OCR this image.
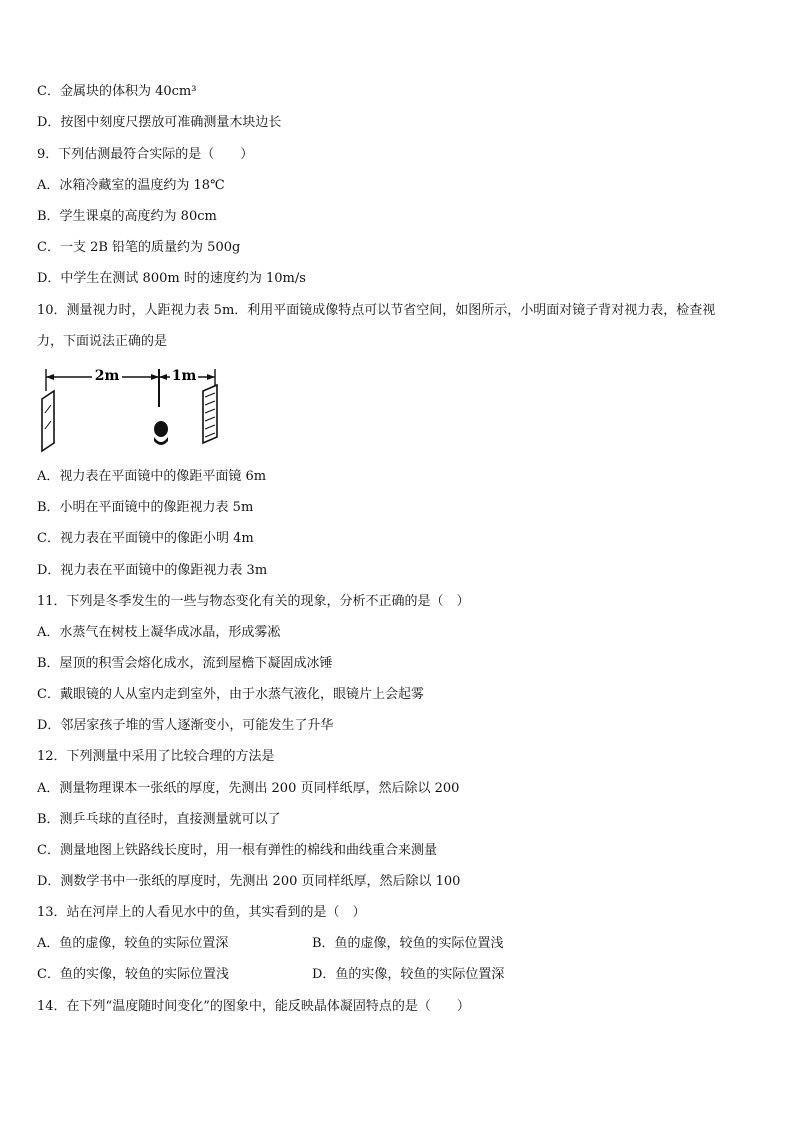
C．金属块的体积为 40cm³
D．按图中刻度尺摆放可准确测量木块边长
9．下列估测最符合实际的是（　　）
A．冰箱冷藏室的温度约为 18℃
B．学生课桌的高度约为 80cm
C．一支 2B 铅笔的质量约为 500g
D．中学生在测试 800m 时的速度约为 10m/s
10．测量视力时，人距视力表 5m．利用平面镜成像特点可以节省空间，如图所示，小明面对镜子背对视力表，检查视
力，下面说法正确的是
2m	1m
A．视力表在平面镜中的像距平面镜 6m
B．小明在平面镜中的像距视力表 5m
C．视力表在平面镜中的像距小明 4m
D．视力表在平面镜中的像距视力表 3m
11．下列是冬季发生的一些与物态变化有关的现象，分析不正确的是（　）
A．水蒸气在树枝上凝华成冰晶，形成雾凇
B．屋顶的积雪会熔化成水，流到屋檐下凝固成冰锤
C．戴眼镜的人从室内走到室外，由于水蒸气液化，眼镜片上会起雾
D．邻居家孩子堆的雪人逐渐变小，可能发生了升华
12．下列测量中采用了比较合理的方法是
A．测量物理课本一张纸的厚度，先测出 200 页同样纸厚，然后除以 200
B．测乒乓球的直径时，直接测量就可以了
C．测量地图上铁路线长度时，用一根有弹性的棉线和曲线重合来测量
D．测数学书中一张纸的厚度时，先测出 200 页同样纸厚，然后除以 100
13．站在河岸上的人看见水中的鱼，其实看到的是（　）
A．鱼的虚像，较鱼的实际位置深	B．鱼的虚像，较鱼的实际位置浅
C．鱼的实像，较鱼的实际位置浅	D．鱼的实像，较鱼的实际位置深
14．在下列“温度随时间变化”的图象中，能反映晶体凝固特点的是（　　）
